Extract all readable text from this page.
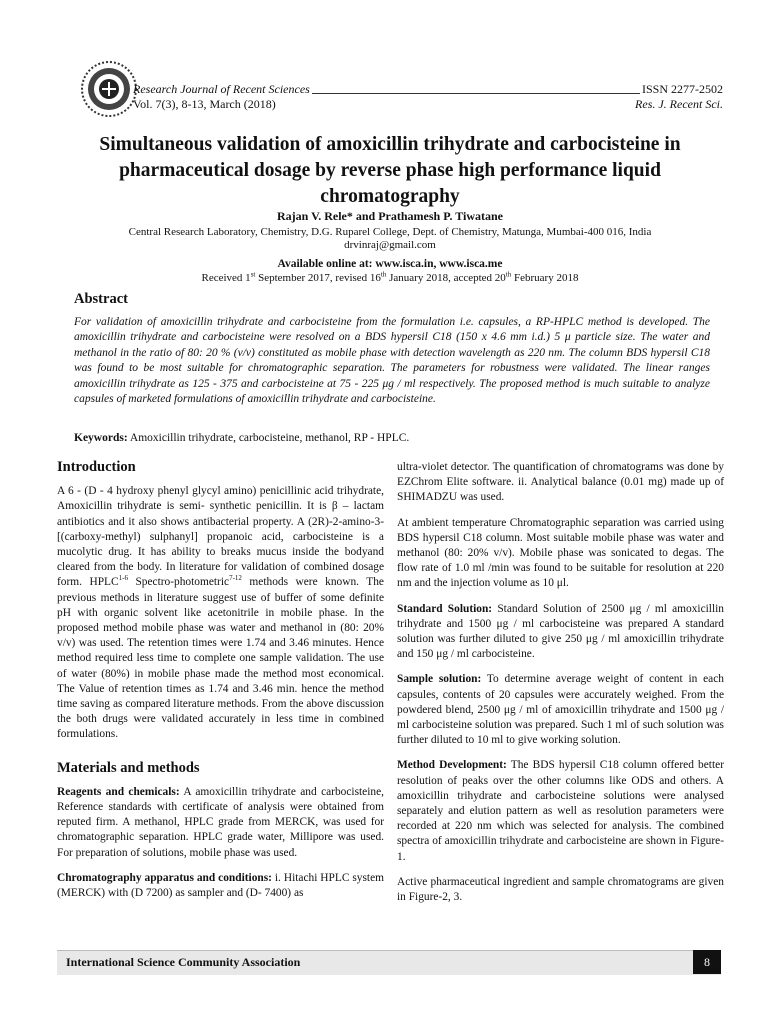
Research Journal of Recent Sciences	ISSN 2277-2502
Vol. 7(3), 8-13, March (2018)	Res. J. Recent Sci.
Simultaneous validation of amoxicillin trihydrate and carbocisteine in pharmaceutical dosage by reverse phase high performance liquid chromatography
Rajan V. Rele* and Prathamesh P. Tiwatane
Central Research Laboratory, Chemistry, D.G. Ruparel College, Dept. of Chemistry, Matunga, Mumbai-400 016, India
drvinraj@gmail.com
Available online at: www.isca.in, www.isca.me
Received 1st September 2017, revised 16th January 2018, accepted 20th February 2018
Abstract
For validation of amoxicillin trihydrate and carbocisteine from the formulation i.e. capsules, a RP-HPLC method is developed. The amoxicillin trihydrate and carbocisteine were resolved on a BDS hypersil C18 (150 x 4.6 mm i.d.) 5 μ particle size. The water and methanol in the ratio of 80: 20 % (v/v) constituted as mobile phase with detection wavelength as 220 nm. The column BDS hypersil C18 was found to be most suitable for chromatographic separation. The parameters for robustness were validated. The linear ranges amoxicillin trihydrate as 125 - 375 and carbocisteine at 75 - 225 μg / ml respectively. The proposed method is much suitable to analyze capsules of marketed formulations of amoxicillin trihydrate and carbocisteine.
Keywords: Amoxicillin trihydrate, carbocisteine, methanol, RP - HPLC.
Introduction

A 6 - (D - 4 hydroxy phenyl glycyl amino) penicillinic acid trihydrate, Amoxicillin trihydrate is semi- synthetic penicillin. It is β – lactam antibiotics and it also shows antibacterial property. A (2R)-2-amino-3-[(carboxy-methyl) sulphanyl] propanoic acid, carbocisteine is a mucolytic drug. It has ability to breaks mucus inside the bodyand cleared from the body. In literature for validation of combined dosage form. HPLC$^{1-6}$ Spectro-photometric$^{7-12}$ methods were known. The previous methods in literature suggest use of buffer of some definite pH with organic solvent like acetonitrile in mobile phase. In the proposed method mobile phase was water and methanol in (80: 20% v/v) was used. The retention times were 1.74 and 3.46 minutes. Hence method required less time to complete one sample validation. The use of water (80%) in mobile phase made the method most economical. The Value of retention times as 1.74 and 3.46 min. hence the method time saving as compared literature methods. From the above discussion the both drugs were validated accurately in less time in combined formulations.

Materials and methods

Reagents and chemicals: A amoxicillin trihydrate and carbocisteine, Reference standards with certificate of analysis were obtained from reputed firm. A methanol, HPLC grade from MERCK, was used for chromatographic separation. HPLC grade water, Millipore was used. For preparation of solutions, mobile phase was used.

Chromatography apparatus and conditions: i. Hitachi HPLC system (MERCK) with (D 7200) as sampler and (D- 7400) as

ultra-violet detector. The quantification of chromatograms was done by EZChrom Elite software. ii. Analytical balance (0.01 mg) made up of SHIMADZU was used.

At ambient temperature Chromatographic separation was carried using BDS hypersil C18 column. Most suitable mobile phase was water and methanol (80: 20% v/v). Mobile phase was sonicated to degas. The flow rate of 1.0 ml /min was found to be suitable for resolution at 220 nm and the injection volume as 10 μl.

Standard Solution: Standard Solution of 2500 μg / ml amoxicillin trihydrate and 1500 μg / ml carbocisteine was prepared A standard solution was further diluted to give 250 μg / ml amoxicillin trihydrate and 150 μg / ml carbocisteine.

Sample solution: To determine average weight of content in each capsules, contents of 20 capsules were accurately weighed. From the powdered blend, 2500 μg / ml of amoxicillin trihydrate and 1500 μg / ml carbocisteine solution was prepared. Such 1 ml of such solution was further diluted to 10 ml to give working solution.

Method Development: The BDS hypersil C18 column offered better resolution of peaks over the other columns like ODS and others. A amoxicillin trihydrate and carbocisteine solutions were analysed separately and elution pattern as well as resolution parameters were recorded at 220 nm which was selected for analysis. The combined spectra of amoxicillin trihydrate and carbocisteine are shown in Figure-1.

Active pharmaceutical ingredient and sample chromatograms are given in Figure-2, 3.

International Science Community Association	8
